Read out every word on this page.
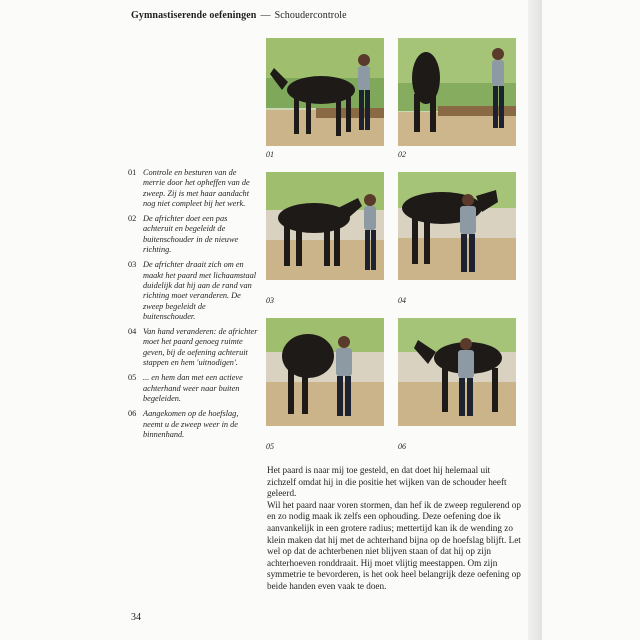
Gymnastiserende oefeningen — Schoudercontrole
01	02
03	04
05	06
01 Controle en besturen van de merrie door het opheffen van de zweep. Zij is met haar aandacht nog niet compleet bij het werk.
02 De africhter doet een pas achteruit en begeleidt de buitenschouder in de nieuwe richting.
03 De africhter draait zich om en maakt het paard met lichaamstaal duidelijk dat hij aan de rand van richting moet veranderen. De zweep begeleidt de buitenschouder.
04 Van hand veranderen: de africhter moet het paard genoeg ruimte geven, bij de oefening achteruit stappen en hem 'uitnodigen'.
05 ... en hem dan met een actieve achterhand weer naar buiten begeleiden.
06 Aangekomen op de hoefslag, neemt u de zweep weer in de binnenhand.

Het paard is naar mij toe gesteld, en dat doet hij helemaal uit zichzelf omdat hij in die positie het wijken van de schouder heeft geleerd.

Wil het paard naar voren stormen, dan hef ik de zweep regulerend op en zo nodig maak ik zelfs een ophouding. Deze oefening doe ik aanvankelijk in een grotere radius; mettertijd kan ik de wending zo klein maken dat hij met de achterhand bijna op de hoefslag blijft. Let wel op dat de achterbenen niet blijven staan of dat hij op zijn achterhoeven ronddraait. Hij moet vlijtig meestappen. Om zijn symmetrie te bevorderen, is het ook heel belangrijk deze oefening op beide handen even vaak te doen.

34
